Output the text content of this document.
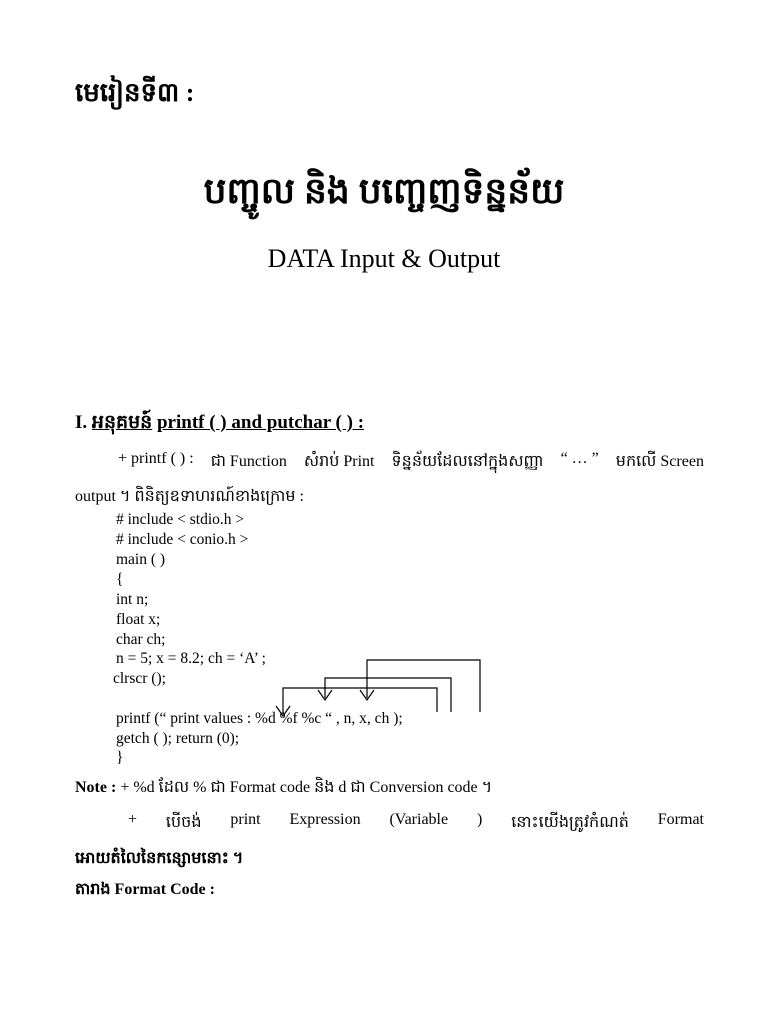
មេរៀនទី៣ :
បញ្ចូល និង បញ្ចេញទិន្នន័យ
DATA Input & Output
I. អនុគមន៍ printf ( ) and putchar ( ) :
+ printf ( ) : ជា Function សំរាប់ Print ទិន្នន័យដែលនៅក្នុងសញ្ញា “ … ” មកលើ Screen
output ។ ពិនិត្យឧទាហរណ៍ខាងក្រោម :
# include < stdio.h >
# include < conio.h >
main ( )
{
int n;
float x;
char ch;
n = 5; x = 8.2; ch = ‘A’ ;
clrscr ();
printf (“ print values : %d %f %c “ , n, x, ch );
getch ( ); return (0);
}
Note : + %d ដែល % ជា Format code និង d ជា Conversion code ។
+ បើចង់ print Expression (Variable ) នោះយើងត្រូវកំណត់ Format
អោយតំលៃនៃកន្សោមនោះ ។
តារាង Format Code :
